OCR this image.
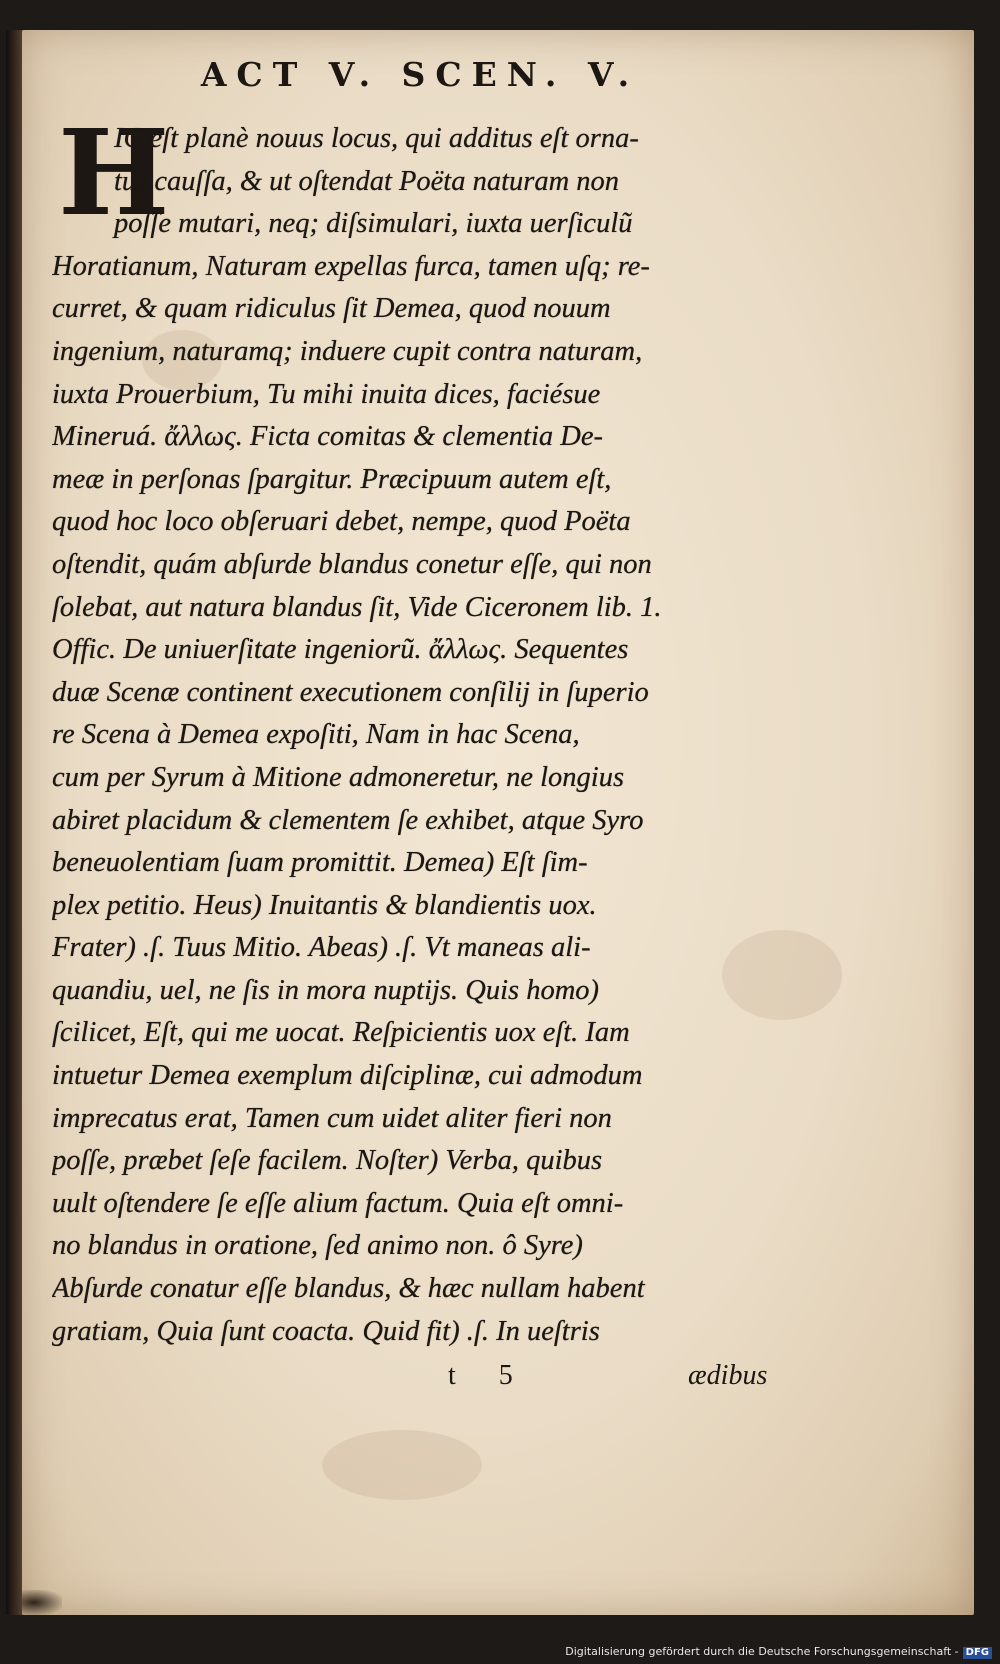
ACT V. SCEN. V.
H
IC eſt planè nouus locus, qui additus eſt orna-
tus cauſſa, & ut oſtendat Poëta naturam non
poſſe mutari, neq; diſsimulari, iuxta uerſiculũ
Horatianum, Naturam expellas furca, tamen uſq; re-
curret, & quam ridiculus ſit Demea, quod nouum
ingenium, naturamq; induere cupit contra naturam,
iuxta Prouerbium, Tu mihi inuita dices, faciésue
Mineruá. ἄλλως. Ficta comitas & clementia De-
meæ in perſonas ſpargitur. Præcipuum autem eſt,
quod hoc loco obſeruari debet, nempe, quod Poëta
oſtendit, quám abſurde blandus conetur eſſe, qui non
ſolebat, aut natura blandus ſit, Vide Ciceronem lib. 1.
Offic. De uniuerſitate ingeniorũ. ἄλλως. Sequentes
duæ Scenæ continent executionem conſilij in ſuperio
re Scena à Demea expoſiti, Nam in hac Scena,
cum per Syrum à Mitione admoneretur, ne longius
abiret placidum & clementem ſe exhibet, atque Syro
beneuolentiam ſuam promittit. Demea) Eſt ſim-
plex petitio. Heus) Inuitantis & blandientis uox.
Frater) .ſ. Tuus Mitio. Abeas) .ſ. Vt maneas ali-
quandiu, uel, ne ſis in mora nuptijs. Quis homo)
ſcilicet, Eſt, qui me uocat. Reſpicientis uox eſt. Iam
intuetur Demea exemplum diſciplinæ, cui admodum
imprecatus erat, Tamen cum uidet aliter fieri non
poſſe, præbet ſeſe facilem. Noſter) Verba, quibus
uult oſtendere ſe eſſe alium factum. Quia eſt omni-
no blandus in oratione, ſed animo non. ô Syre)
Abſurde conatur eſſe blandus, & hæc nullam habent
gratiam, Quia ſunt coacta. Quid fit) .ſ. In ueſtris
t 5	ædibus
Digitalisierung gefördert durch die Deutsche Forschungsgemeinschaft - DFG
